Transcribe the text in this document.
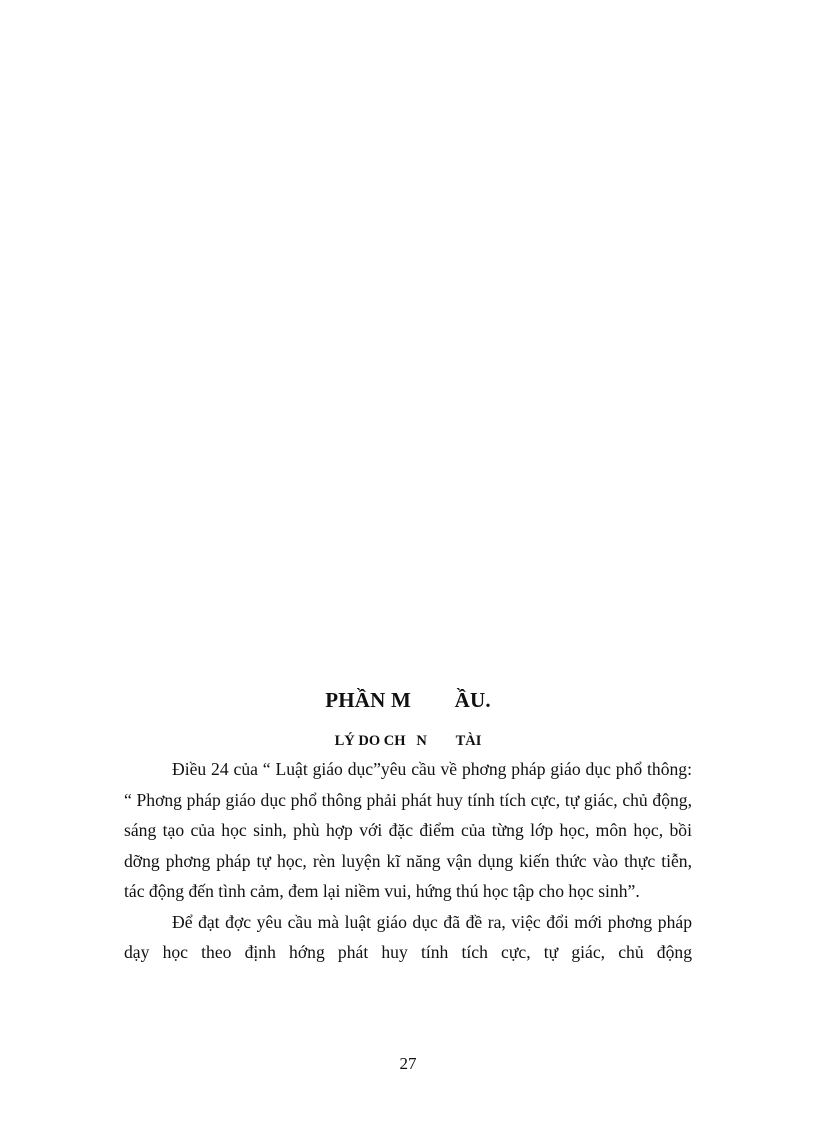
PHẦN M        ẦU.
LÝ DO CH   N        TÀI

Điều 24 của “ Luật giáo dục”yêu cầu về phơng pháp giáo dục phổ thông: “ Phơng pháp giáo dục phổ thông phải phát huy tính tích cực, tự giác, chủ động, sáng tạo của học sinh, phù hợp với đặc điểm của từng lớp học, môn học, bồi dỡng phơng pháp tự học, rèn luyện kĩ năng vận dụng kiến thức vào thực tiễn, tác động đến tình cảm, đem lại niềm vui, hứng thú học tập cho học sinh”.

Để đạt đợc yêu cầu mà luật giáo dục đã đề ra, việc đổi mới phơng pháp dạy học theo định hớng phát huy tính tích cực, tự giác, chủ động

27
